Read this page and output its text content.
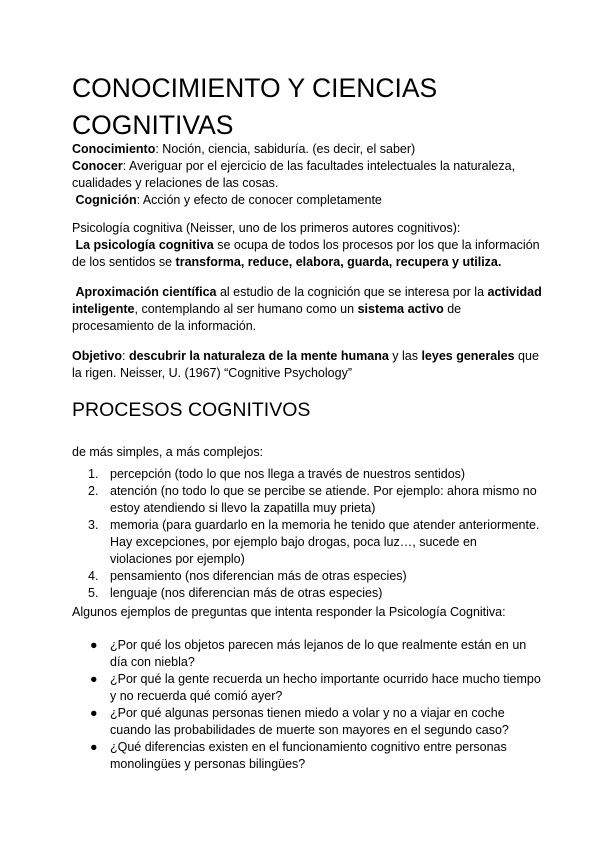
CONOCIMIENTO Y CIENCIAS COGNITIVAS
Conocimiento: Noción, ciencia, sabiduría. (es decir, el saber)
Conocer: Averiguar por el ejercicio de las facultades intelectuales la naturaleza, cualidades y relaciones de las cosas.
Cognición: Acción y efecto de conocer completamente
Psicología cognitiva (Neisser, uno de los primeros autores cognitivos):
La psicología cognitiva se ocupa de todos los procesos por los que la información de los sentidos se transforma, reduce, elabora, guarda, recupera y utiliza.
Aproximación científica al estudio de la cognición que se interesa por la actividad inteligente, contemplando al ser humano como un sistema activo de procesamiento de la información.
Objetivo: descubrir la naturaleza de la mente humana y las leyes generales que la rigen. Neisser, U. (1967) “Cognitive Psychology”
PROCESOS COGNITIVOS
de más simples, a más complejos:
1. percepción (todo lo que nos llega a través de nuestros sentidos)
2. atención (no todo lo que se percibe se atiende. Por ejemplo: ahora mismo no estoy atendiendo si llevo la zapatilla muy prieta)
3. memoria (para guardarlo en la memoria he tenido que atender anteriormente. Hay excepciones, por ejemplo bajo drogas, poca luz…, sucede en violaciones por ejemplo)
4. pensamiento (nos diferencian más de otras especies)
5. lenguaje (nos diferencian más de otras especies)
Algunos ejemplos de preguntas que intenta responder la Psicología Cognitiva:
● ¿Por qué los objetos parecen más lejanos de lo que realmente están en un día con niebla?
● ¿Por qué la gente recuerda un hecho importante ocurrido hace mucho tiempo y no recuerda qué comió ayer?
● ¿Por qué algunas personas tienen miedo a volar y no a viajar en coche cuando las probabilidades de muerte son mayores en el segundo caso?
● ¿Qué diferencias existen en el funcionamiento cognitivo entre personas monolingües y personas bilingües?
